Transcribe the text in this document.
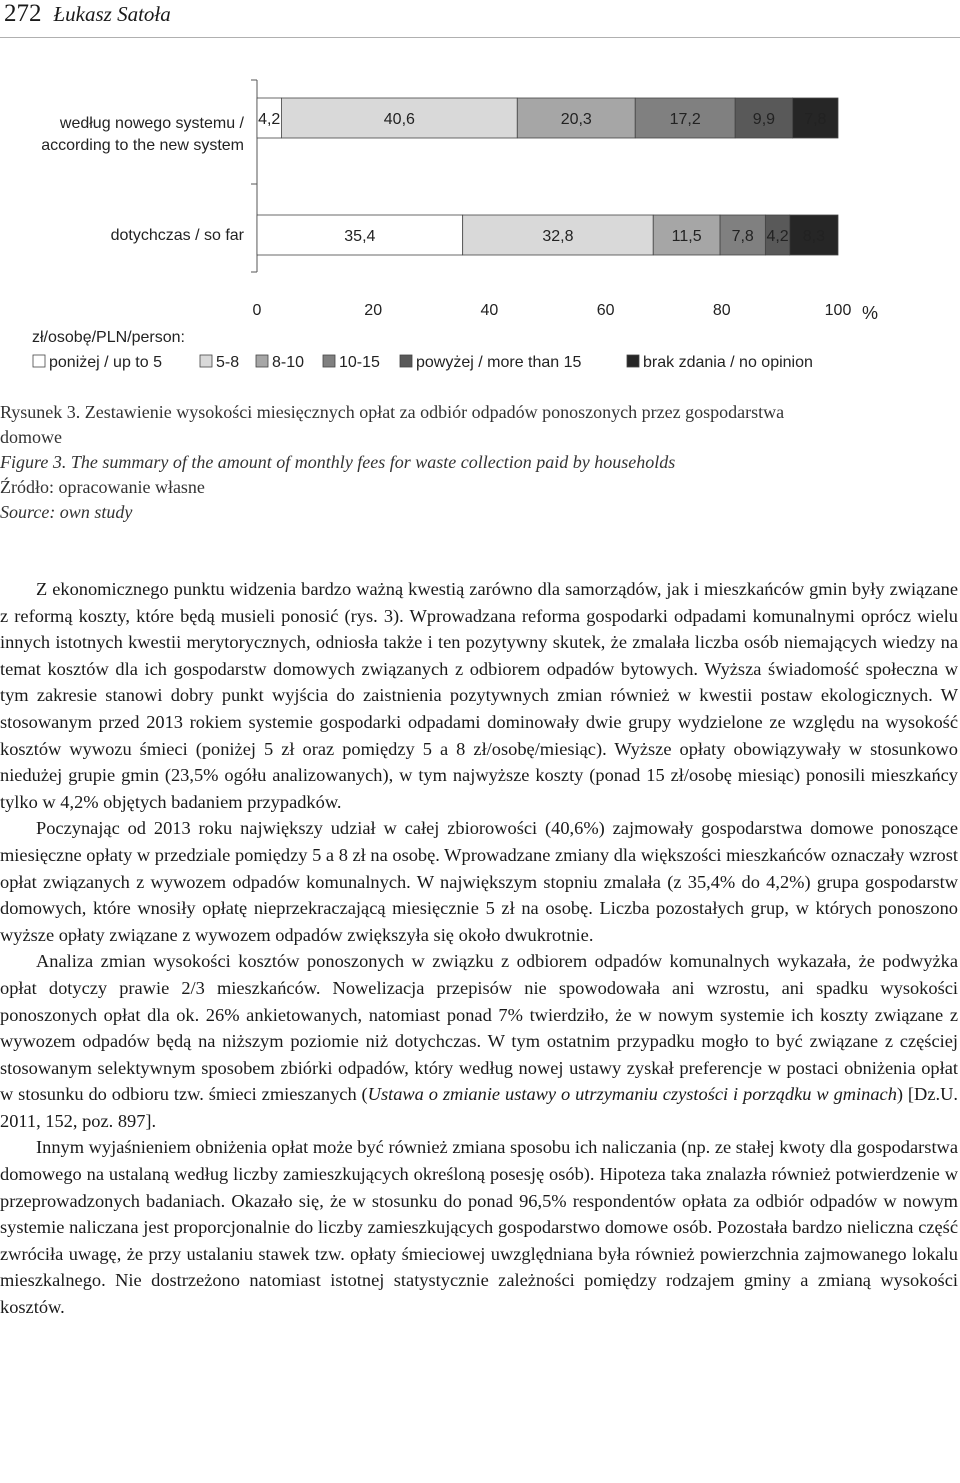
272 Łukasz Satoła
według nowego systemu /
according to the new system
dotychczas / so far
4,2	40,6	20,3	17,2	9,9 7,8
35,4	32,8	11,5 7,8 4,2 8,3
0	20	40	60	80	100 %
zł/osobę/PLN/person:
poniżej / up to 5	5-8 8-10 10-15 powyżej / more than 15	brak zdania / no opinion

Rysunek 3. Zestawienie wysokości miesięcznych opłat za odbiór odpadów ponoszonych przez gospodarstwa

domowe

Figure 3. The summary of the amount of monthly fees for waste collection paid by households

Źródło: opracowanie własne

Source: own study

Z ekonomicznego punktu widzenia bardzo ważną kwestią zarówno dla samorządów, jak i mieszkańców gmin były związane z reformą koszty, które będą musieli ponosić (rys. 3). Wprowadzana reforma gospodarki odpadami komunalnymi oprócz wielu innych istotnych kwestii merytorycznych, odniosła także i ten pozytywny skutek, że zmalała liczba osób niemających wiedzy na temat kosztów dla ich gospodarstw domowych związanych z odbiorem odpadów bytowych. Wyższa świadomość społeczna w tym zakresie stanowi dobry punkt wyjścia do zaistnienia pozytywnych zmian również w kwestii postaw ekologicznych. W stosowanym przed 2013 rokiem systemie gospodarki odpadami dominowały dwie grupy wydzielone ze względu na wysokość kosztów wywozu śmieci (poniżej 5 zł oraz pomiędzy 5 a 8 zł/osobę/miesiąc). Wyższe opłaty obowiązywały w stosunkowo niedużej grupie gmin (23,5% ogółu analizowanych), w tym najwyższe koszty (ponad 15 zł/osobę miesiąc) ponosili mieszkańcy tylko w 4,2% objętych badaniem przypadków.

Poczynając od 2013 roku największy udział w całej zbiorowości (40,6%) zajmowały gospodarstwa domowe ponoszące miesięczne opłaty w przedziale pomiędzy 5 a 8 zł na osobę. Wprowadzane zmiany dla większości mieszkańców oznaczały wzrost opłat związanych z wywozem odpadów komunalnych. W największym stopniu zmalała (z 35,4% do 4,2%) grupa gospodarstw domowych, które wnosiły opłatę nieprzekraczającą miesięcznie 5 zł na osobę. Liczba pozostałych grup, w których ponoszono wyższe opłaty związane z wywozem odpadów zwiększyła się około dwukrotnie.

Analiza zmian wysokości kosztów ponoszonych w związku z odbiorem odpadów komunalnych wykazała, że podwyżka opłat dotyczy prawie 2/3 mieszkańców. Nowelizacja przepisów nie spowodowała ani wzrostu, ani spadku wysokości ponoszonych opłat dla ok. 26% ankietowanych, natomiast ponad 7% twierdziło, że w nowym systemie ich koszty związane z wywozem odpadów będą na niższym poziomie niż dotychczas. W tym ostatnim przypadku mogło to być związane z częściej stosowanym selektywnym sposobem zbiórki odpadów, który według nowej ustawy zyskał preferencje w postaci obniżenia opłat w stosunku do odbioru tzw. śmieci zmieszanych (Ustawa o zmianie ustawy o utrzymaniu czystości i porządku w gminach) [Dz.U. 2011, 152, poz. 897].

Innym wyjaśnieniem obniżenia opłat może być również zmiana sposobu ich naliczania (np. ze stałej kwoty dla gospodarstwa domowego na ustalaną według liczby zamieszkujących określoną posesję osób). Hipoteza taka znalazła również potwierdzenie w przeprowadzonych badaniach. Okazało się, że w stosunku do ponad 96,5% respondentów opłata za odbiór odpadów w nowym systemie naliczana jest proporcjonalnie do liczby zamieszkujących gospodarstwo domowe osób. Pozostała bardzo nieliczna część zwróciła uwagę, że przy ustalaniu stawek tzw. opłaty śmieciowej uwzględniana była również powierzchnia zajmowanego lokalu mieszkalnego. Nie dostrzeżono natomiast istotnej statystycznie zależności pomiędzy rodzajem gminy a zmianą wysokości kosztów.
